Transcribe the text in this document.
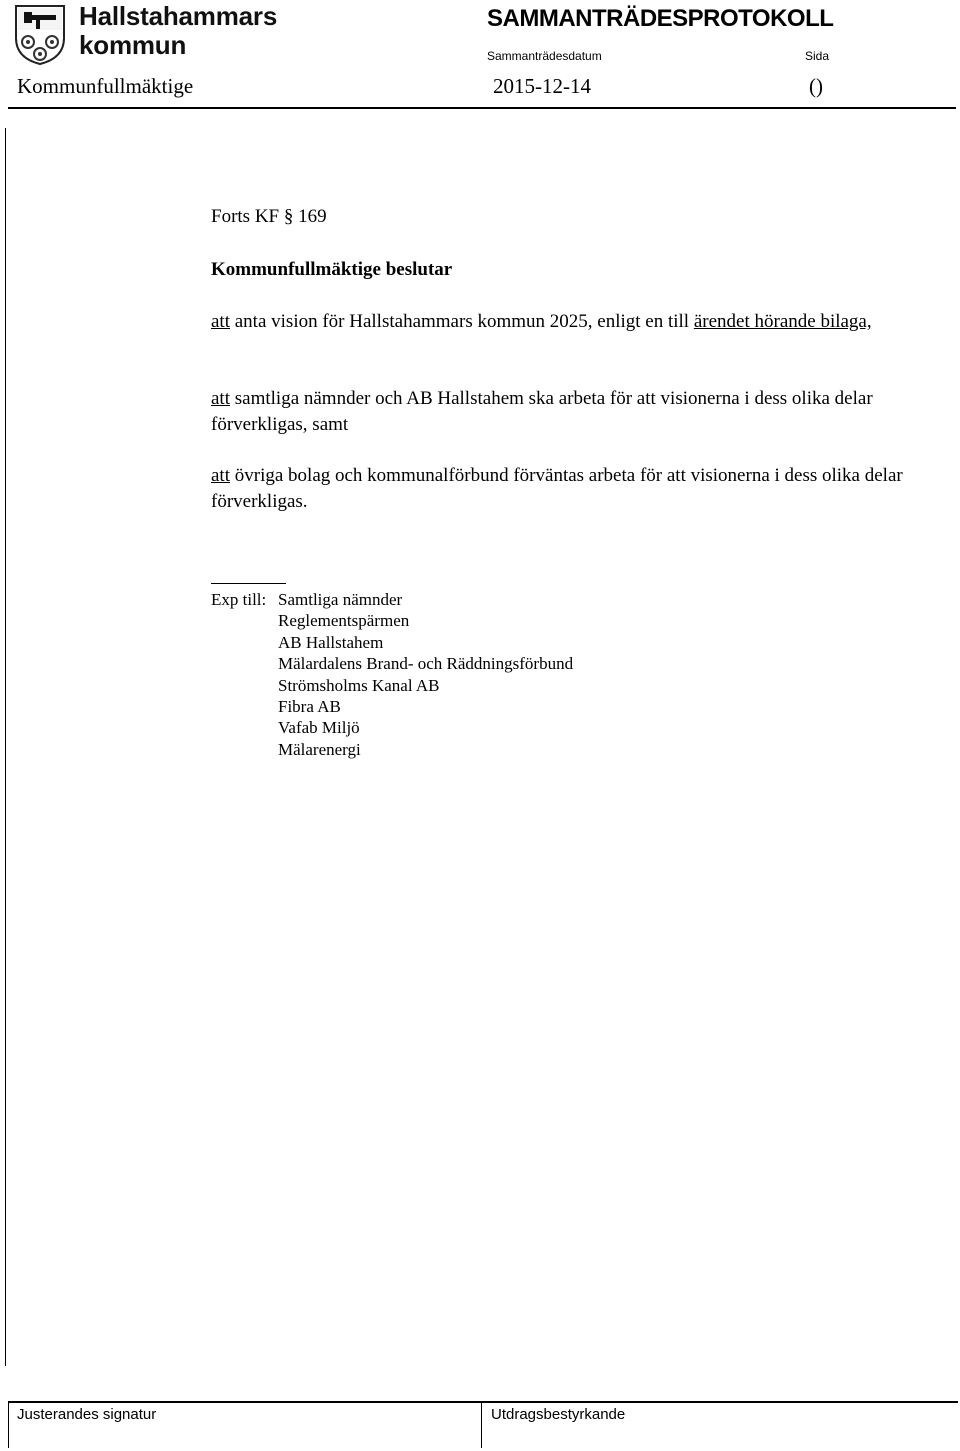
Hallstahammars
kommun
SAMMANTRÄDESPROTOKOLL
Sammanträdesdatum	Sida
Kommunfullmäktige	2015-12-14	()
Forts KF § 169
Kommunfullmäktige beslutar
att anta vision för Hallstahammars kommun 2025, enligt en till ärendet hörande bilaga,
att samtliga nämnder och AB Hallstahem ska arbeta för att visionerna i dess olika delar förverkligas, samt
att övriga bolag och kommunalförbund förväntas arbeta för att visionerna i dess olika delar förverkligas.
Exp till: Samtliga nämnder
Reglementspärmen
AB Hallstahem
Mälardalens Brand- och Räddningsförbund
Strömsholms Kanal AB
Fibra AB
Vafab Miljö
Mälarenergi
Justerandes signatur	Utdragsbestyrkande
